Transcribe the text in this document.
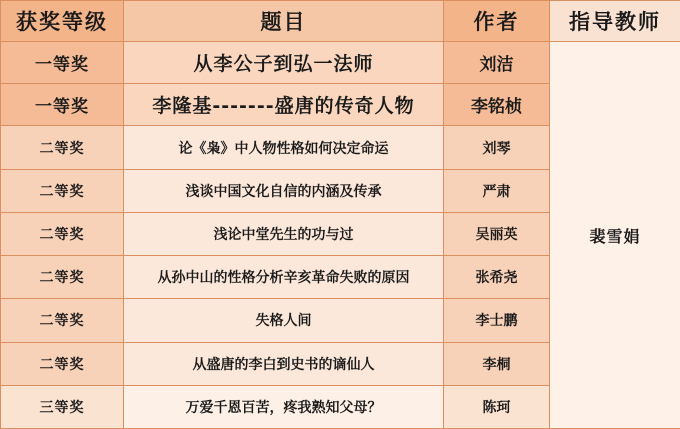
获奖等级	题目	作者	指导教师
一等奖	从李公子到弘一法师	刘洁	裴雪娟
一等奖	李隆基-------盛唐的传奇人物	李铭桢	
二等奖	论《枭》中人物性格如何决定命运	刘琴	
二等奖	浅谈中国文化自信的内涵及传承	严肃	
二等奖	浅论中堂先生的功与过	吴丽英	
二等奖	从孙中山的性格分析辛亥革命失败的原因	张希尧	
二等奖	失格人间	李士鹏	
二等奖	从盛唐的李白到史书的谪仙人	李桐	
三等奖	万爱千恩百苦，疼我熟知父母？	陈珂	
